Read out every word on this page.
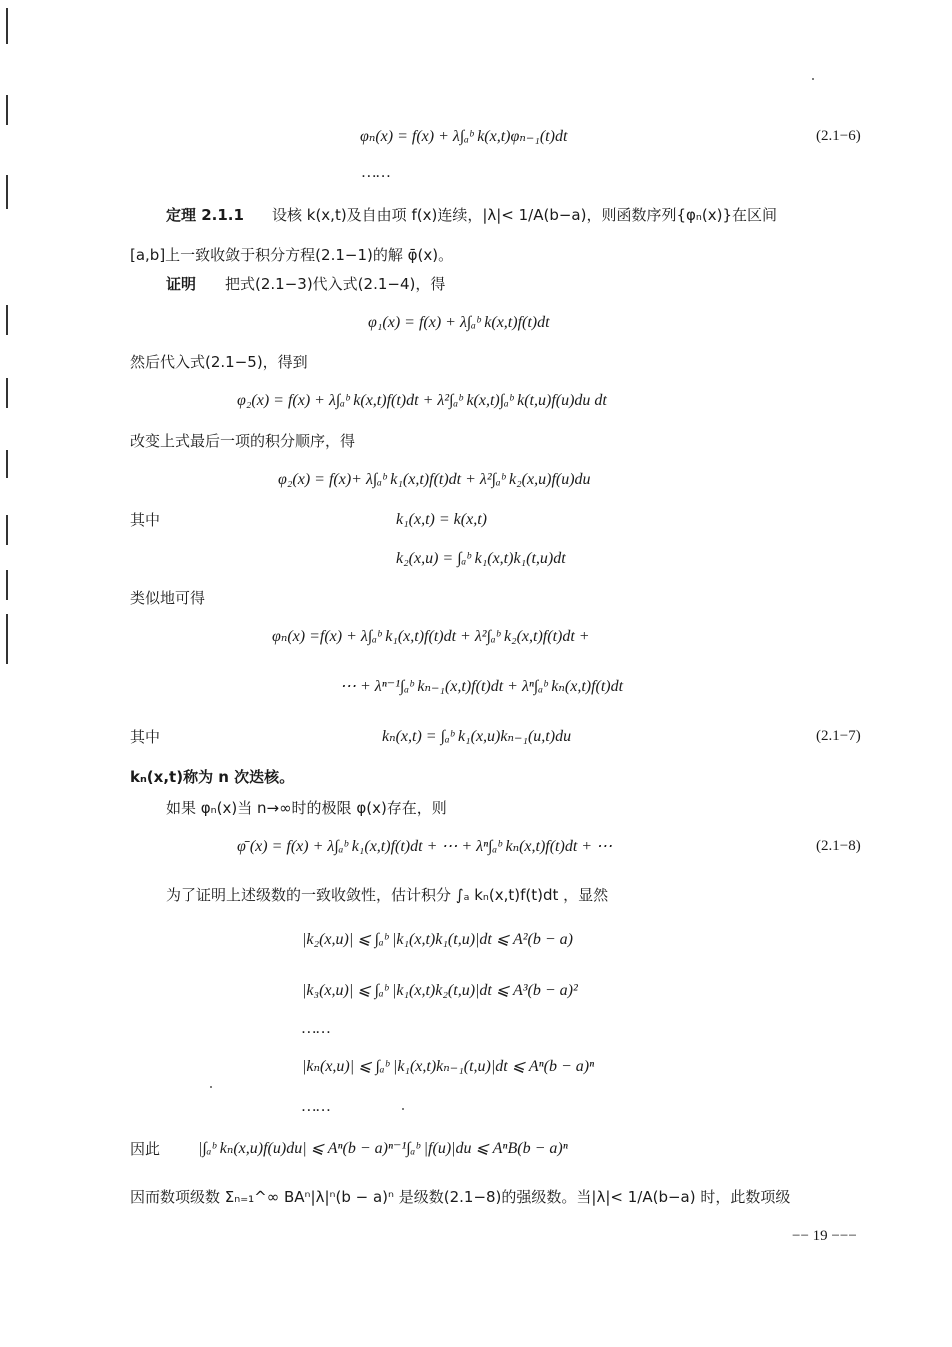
φₙ(x) = f(x) + λ∫ₐᵇ k(x,t)φₙ₋₁(t)dt	(2.1−6)
……
定理 2.1.1 设核 k(x,t)及自由项 f(x)连续，|λ|< 1/A(b−a)，则函数序列{φₙ(x)}在区间
[a,b]上一致收敛于积分方程(2.1−1)的解 φ̄(x)。
证明 把式(2.1−3)代入式(2.1−4)，得
φ₁(x) = f(x) + λ∫ₐᵇ k(x,t)f(t)dt
然后代入式(2.1−5)，得到
φ₂(x) = f(x) + λ∫ₐᵇ k(x,t)f(t)dt + λ²∫ₐᵇ k(x,t)∫ₐᵇ k(t,u)f(u)du dt
改变上式最后一项的积分顺序，得
φ₂(x) = f(x)+ λ∫ₐᵇ k₁(x,t)f(t)dt + λ²∫ₐᵇ k₂(x,u)f(u)du
其中	k₁(x,t) = k(x,t)
k₂(x,u) = ∫ₐᵇ k₁(x,t)k₁(t,u)dt
类似地可得
φₙ(x) =f(x) + λ∫ₐᵇ k₁(x,t)f(t)dt + λ²∫ₐᵇ k₂(x,t)f(t)dt +
⋯ + λⁿ⁻¹∫ₐᵇ kₙ₋₁(x,t)f(t)dt + λⁿ∫ₐᵇ kₙ(x,t)f(t)dt
其中	kₙ(x,t) = ∫ₐᵇ k₁(x,u)kₙ₋₁(u,t)du	(2.1−7)
kₙ(x,t)称为 n 次迭核。
如果 φₙ(x)当 n→∞时的极限 φ(x)存在，则
φ̄ (x) = f(x) + λ∫ₐᵇ k₁(x,t)f(t)dt + ⋯ + λⁿ∫ₐᵇ kₙ(x,t)f(t)dt + ⋯	(2.1−8)
为了证明上述级数的一致收敛性，估计积分 ∫ₐ kₙ(x,t)f(t)dt ，显然
|k₂(x,u)| ⩽ ∫ₐᵇ |k₁(x,t)k₁(t,u)|dt ⩽ A²(b − a)
|k₃(x,u)| ⩽ ∫ₐᵇ |k₁(x,t)k₂(t,u)|dt ⩽ A³(b − a)²
……
|kₙ(x,u)| ⩽ ∫ₐᵇ |k₁(x,t)kₙ₋₁(t,u)|dt ⩽ Aⁿ(b − a)ⁿ
……
因此 |∫ₐᵇ kₙ(x,u)f(u)du| ⩽ Aⁿ(b − a)ⁿ⁻¹∫ₐᵇ |f(u)|du ⩽ AⁿB(b − a)ⁿ
因而数项级数 Σₙ₌₁^∞ BAⁿ|λ|ⁿ(b − a)ⁿ 是级数(2.1−8)的强级数。当|λ|< 1/A(b−a) 时，此数项级
−− 19 −−−
